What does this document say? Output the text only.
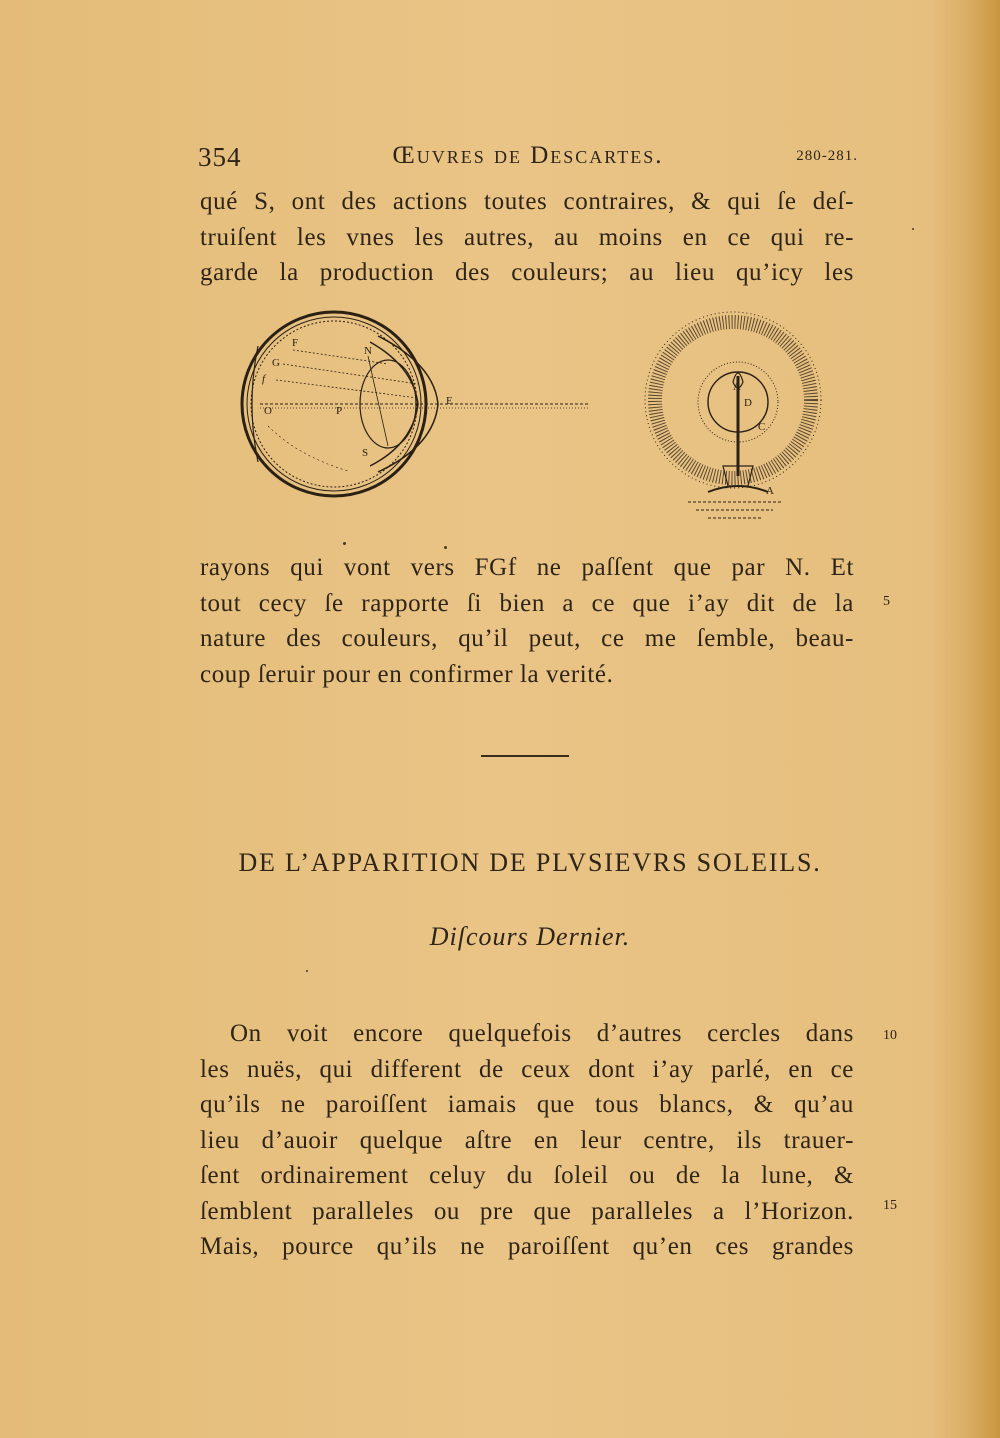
354	Œuvres de Descartes.	280-281.
qué S, ont des actions toutes contraires, & qui ſe deſ-
truiſent les vnes les autres, au moins en ce qui re-
garde la production des couleurs; au lieu qu’icy les
F
N
G
f
O	P
S
E
A
D
C
A
rayons qui vont vers FGf ne paſſent que par N. Et
tout cecy ſe rapporte ſi bien a ce que i’ay dit de la
nature des couleurs, qu’il peut, ce me ſemble, beau-
coup ſeruir pour en confirmer la verité.
5
DE L’APPARITION DE PLVSIEVRS SOLEILS.
Diſcours Dernier.
On voit encore quelquefois d’autres cercles dans
les nuës, qui different de ceux dont i’ay parlé, en ce
qu’ils ne paroiſſent iamais que tous blancs, & qu’au
lieu d’auoir quelque aſtre en leur centre, ils trauer-
ſent ordinairement celuy du ſoleil ou de la lune, &
ſemblent paralleles ou pre que paralleles a l’Horizon.
Mais, pource qu’ils ne paroiſſent qu’en ces grandes
10
15
